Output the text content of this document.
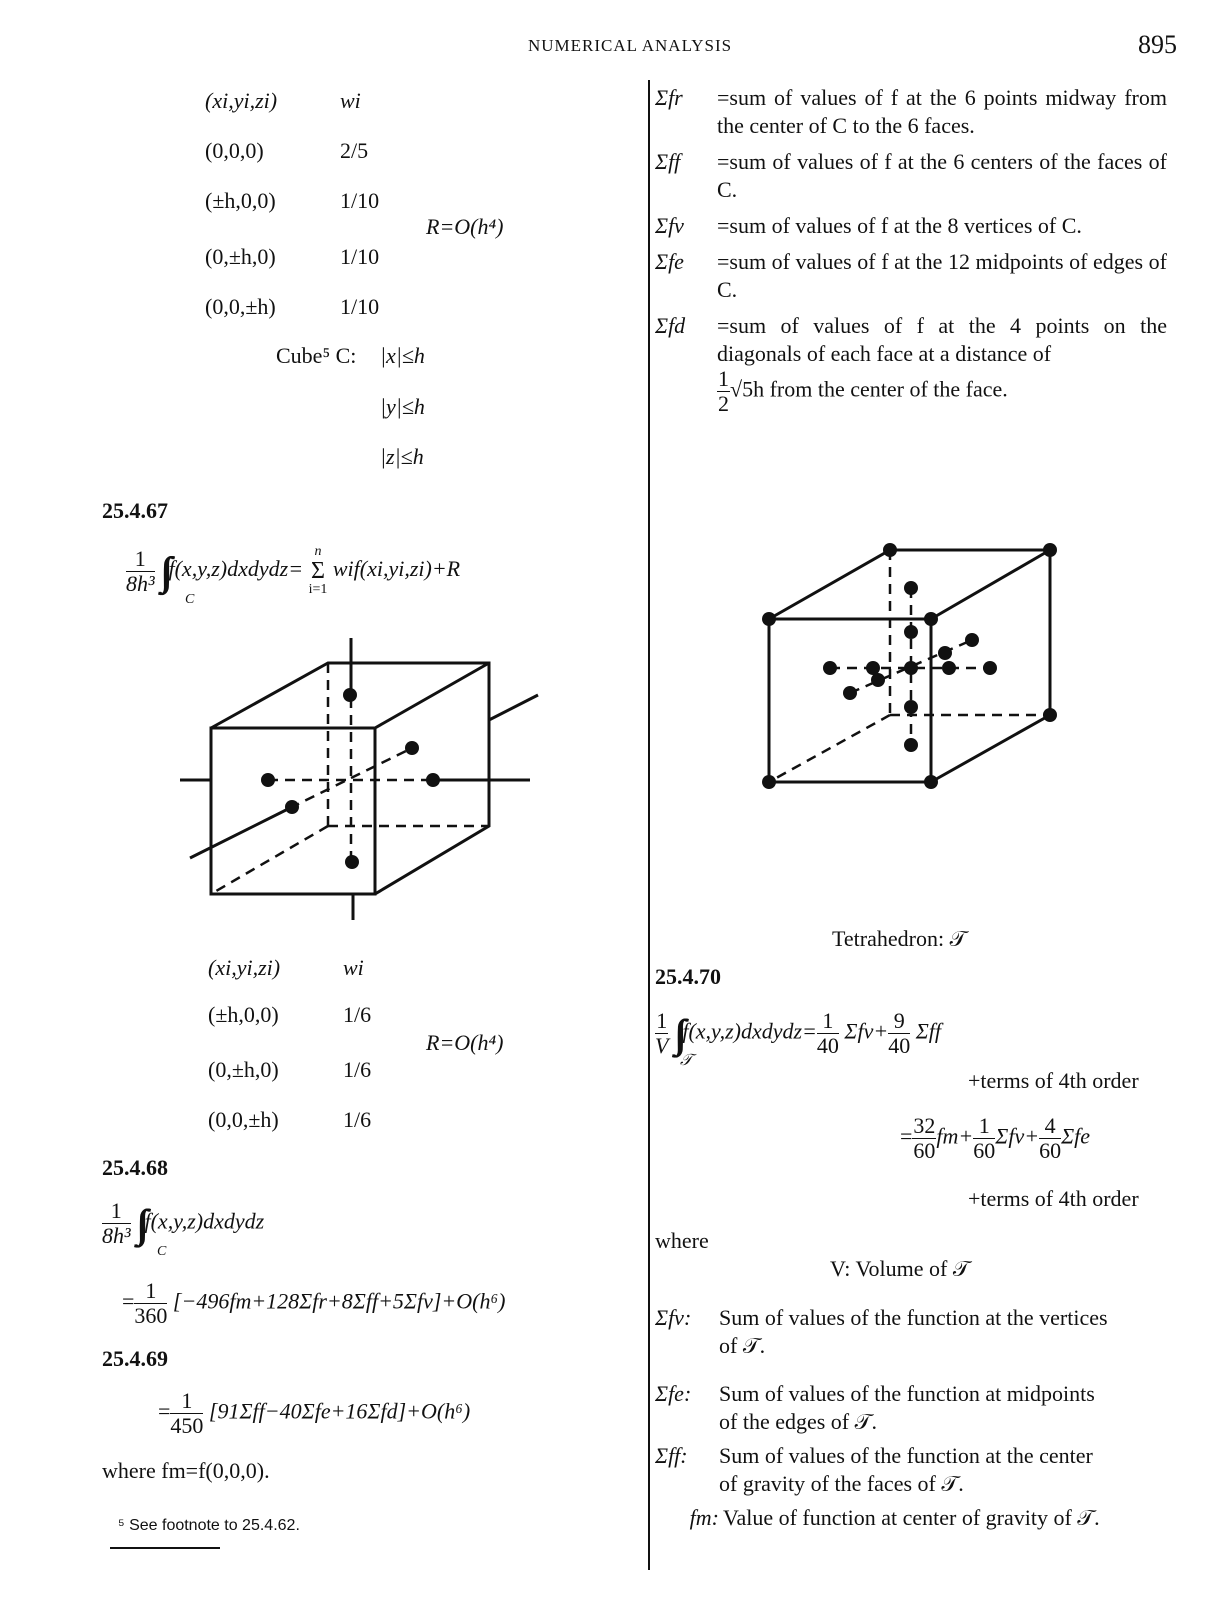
NUMERICAL ANALYSIS	895
(xi,yi,zi)	wi
(0,0,0)	2/5
(±h,0,0)	1/10
(0,±h,0)	1/10
(0,0,±h)	1/10
R=O(h⁴)
Cube⁵ C: |x|≤h
|y|≤h
|z|≤h
25.4.67
$\frac{1}{\text{8h³}}$ ∫∫∫ f(x,y,z)dxdydz=
n
Σ
i=1
wif(xi,yi,zi)+R
C
(xi,yi,zi)	wi
(±h,0,0)	1/6
(0,±h,0)	1/6
(0,0,±h)	1/6
R=O(h⁴)
25.4.68
$\frac{1}{\text{8h³}}$ ∫∫∫ f(x,y,z)dxdydz
C
= $\frac{1}{360} [-496fm+128\Sigma fr+8\Sigma ff+5\Sigma fv]+O(h^6)$
25.4.69
= $\frac{1}{450} [91\Sigma ff-40\Sigma fe+16\Sigma fd]+O(h^6)$
where fm=f(0,0,0).
⁵ See footnote to 25.4.62.
Σfr	=sum of values of f at the 6 points midway from the center of C to the 6 faces.
Σff	=sum of values of f at the 6 centers of the faces of C.
Σfv	=sum of values of f at the 8 vertices of C.
Σfe	=sum of values of f at the 12 midpoints of edges of C.
Σfd	=sum of values of f at the 4 points on the diagonals of each face at a distance of
$\frac{1}{2} √5h$ from the center of the face.
Tetrahedron: 𝒯
25.4.70
$\frac{1}{V}$ ∫∫∫ f(x,y,z)dxdydz= $\frac{1}{40} \Sigma fv+ \frac{9}{40}$ Σff
𝒯
+terms of 4th order
= $\frac{32}{60} fm+ \frac{1}{60} \Sigma fv+ \frac{4}{60}$ Σfe
+terms of 4th order
where
V: Volume of 𝒯
Σfv:	Sum of values of the function at the vertices
of 𝒯.
Σfe:	Sum of values of the function at midpoints
of the edges of 𝒯.
Σff:	Sum of values of the function at the center
of gravity of the faces of 𝒯.
fm: Value of function at center of gravity of 𝒯.
